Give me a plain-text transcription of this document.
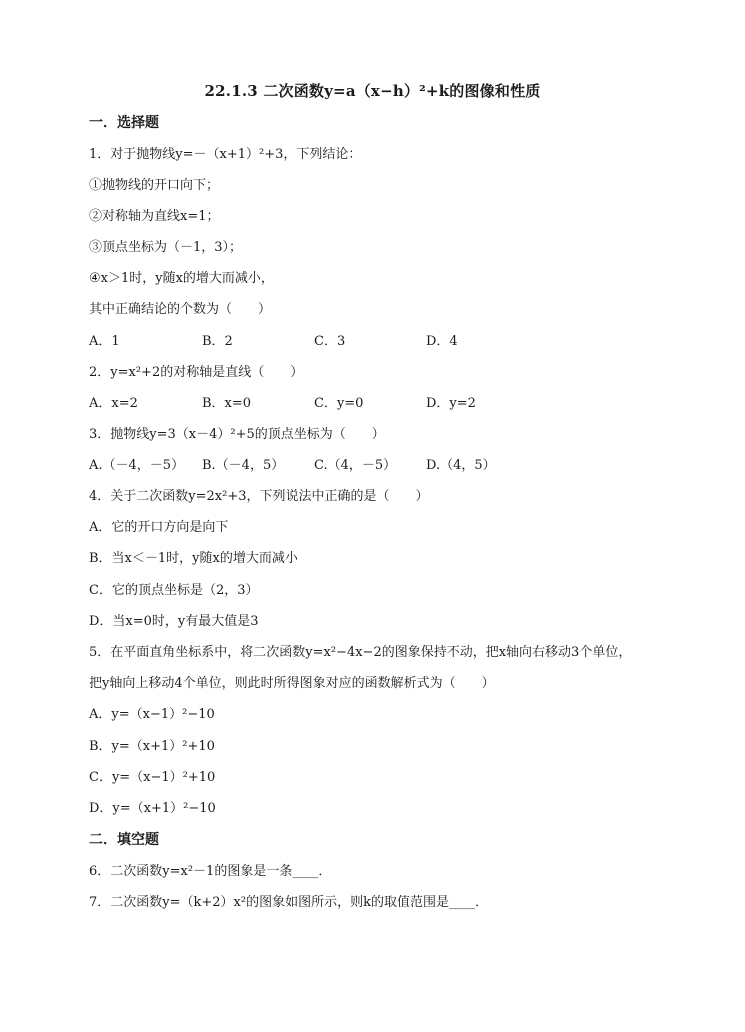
22.1.3 二次函数y=a（x−h）²+k的图像和性质
一．选择题
1．对于抛物线y=－（x+1）²+3，下列结论：
①抛物线的开口向下；
②对称轴为直线x=1；
③顶点坐标为（－1，3）；
④x＞1时，y随x的增大而减小，
其中正确结论的个数为（　　）
A．1	B．2	C．3	D．4
2．y=x²+2的对称轴是直线（　　）
A．x=2	B．x=0	C．y=0	D．y=2
3．抛物线y=3（x－4）²+5的顶点坐标为（　　）
A.（－4，－5） B.（－4，5） C.（4，－5） D.（4，5）
4．关于二次函数y=2x²+3，下列说法中正确的是（　　）
A．它的开口方向是向下
B．当x＜－1时，y随x的增大而减小
C．它的顶点坐标是（2，3）
D．当x=0时，y有最大值是3
5．在平面直角坐标系中，将二次函数y=x²−4x−2的图象保持不动，把x轴向右移动3个单位，
把y轴向上移动4个单位，则此时所得图象对应的函数解析式为（　　）
A．y=（x−1）²−10
B．y=（x+1）²+10
C．y=（x−1）²+10
D．y=（x+1）²−10
二．填空题
6．二次函数y=x²－1的图象是一条____．
7．二次函数y=（k+2）x²的图象如图所示，则k的取值范围是____．
